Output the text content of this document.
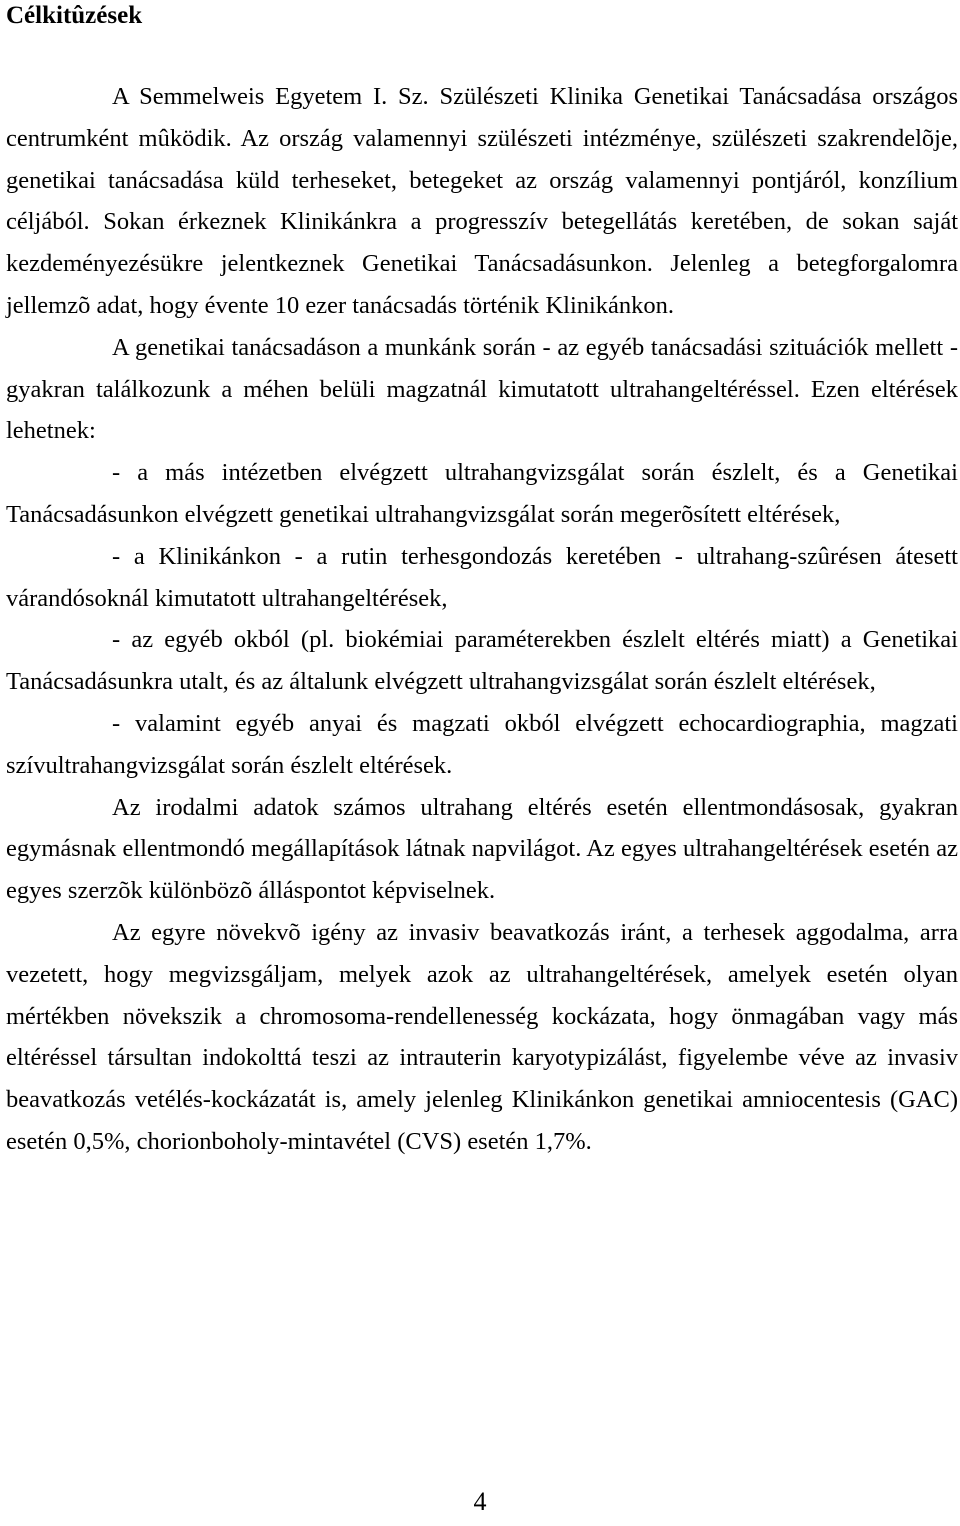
Célkitûzések

A Semmelweis Egyetem I. Sz. Szülészeti Klinika Genetikai Tanácsadása országos centrumként mûködik. Az ország valamennyi szülészeti intézménye, szülészeti szakrendelõje, genetikai tanácsadása küld terheseket, betegeket az ország valamennyi pontjáról, konzílium céljából. Sokan érkeznek Klinikánkra a progresszív betegellátás keretében, de sokan saját kezdeményezésükre jelentkeznek Genetikai Tanácsadásunkon. Jelenleg a betegforgalomra jellemzõ adat, hogy évente 10 ezer tanácsadás történik Klinikánkon.

A genetikai tanácsadáson a munkánk során - az egyéb tanácsadási szituációk mellett - gyakran találkozunk a méhen belüli magzatnál kimutatott ultrahangeltéréssel. Ezen eltérések lehetnek:

- a más intézetben elvégzett ultrahangvizsgálat során észlelt, és a Genetikai Tanácsadásunkon elvégzett genetikai ultrahangvizsgálat során megerõsített eltérések,

- a Klinikánkon - a rutin terhesgondozás keretében - ultrahang-szûrésen átesett várandósoknál kimutatott ultrahangeltérések,

- az egyéb okból (pl. biokémiai paraméterekben észlelt eltérés miatt) a Genetikai Tanácsadásunkra utalt, és az általunk elvégzett ultrahangvizsgálat során észlelt eltérések,

- valamint egyéb anyai és magzati okból elvégzett echocardiographia, magzati szívultrahangvizsgálat során észlelt eltérések.

Az irodalmi adatok számos ultrahang eltérés esetén ellentmondásosak, gyakran egymásnak ellentmondó megállapítások látnak napvilágot. Az egyes ultrahangeltérések esetén az egyes szerzõk különbözõ álláspontot képviselnek.

Az egyre növekvõ igény az invasiv beavatkozás iránt, a terhesek aggodalma, arra vezetett, hogy megvizsgáljam, melyek azok az ultrahangeltérések, amelyek esetén olyan mértékben növekszik a chromosoma-rendellenesség kockázata, hogy önmagában vagy más eltéréssel társultan indokolttá teszi az intrauterin karyotypizálást, figyelembe véve az invasiv beavatkozás vetélés-kockázatát is, amely jelenleg Klinikánkon genetikai amniocentesis (GAC) esetén 0,5%, chorionboholy-mintavétel (CVS) esetén 1,7%.

4
